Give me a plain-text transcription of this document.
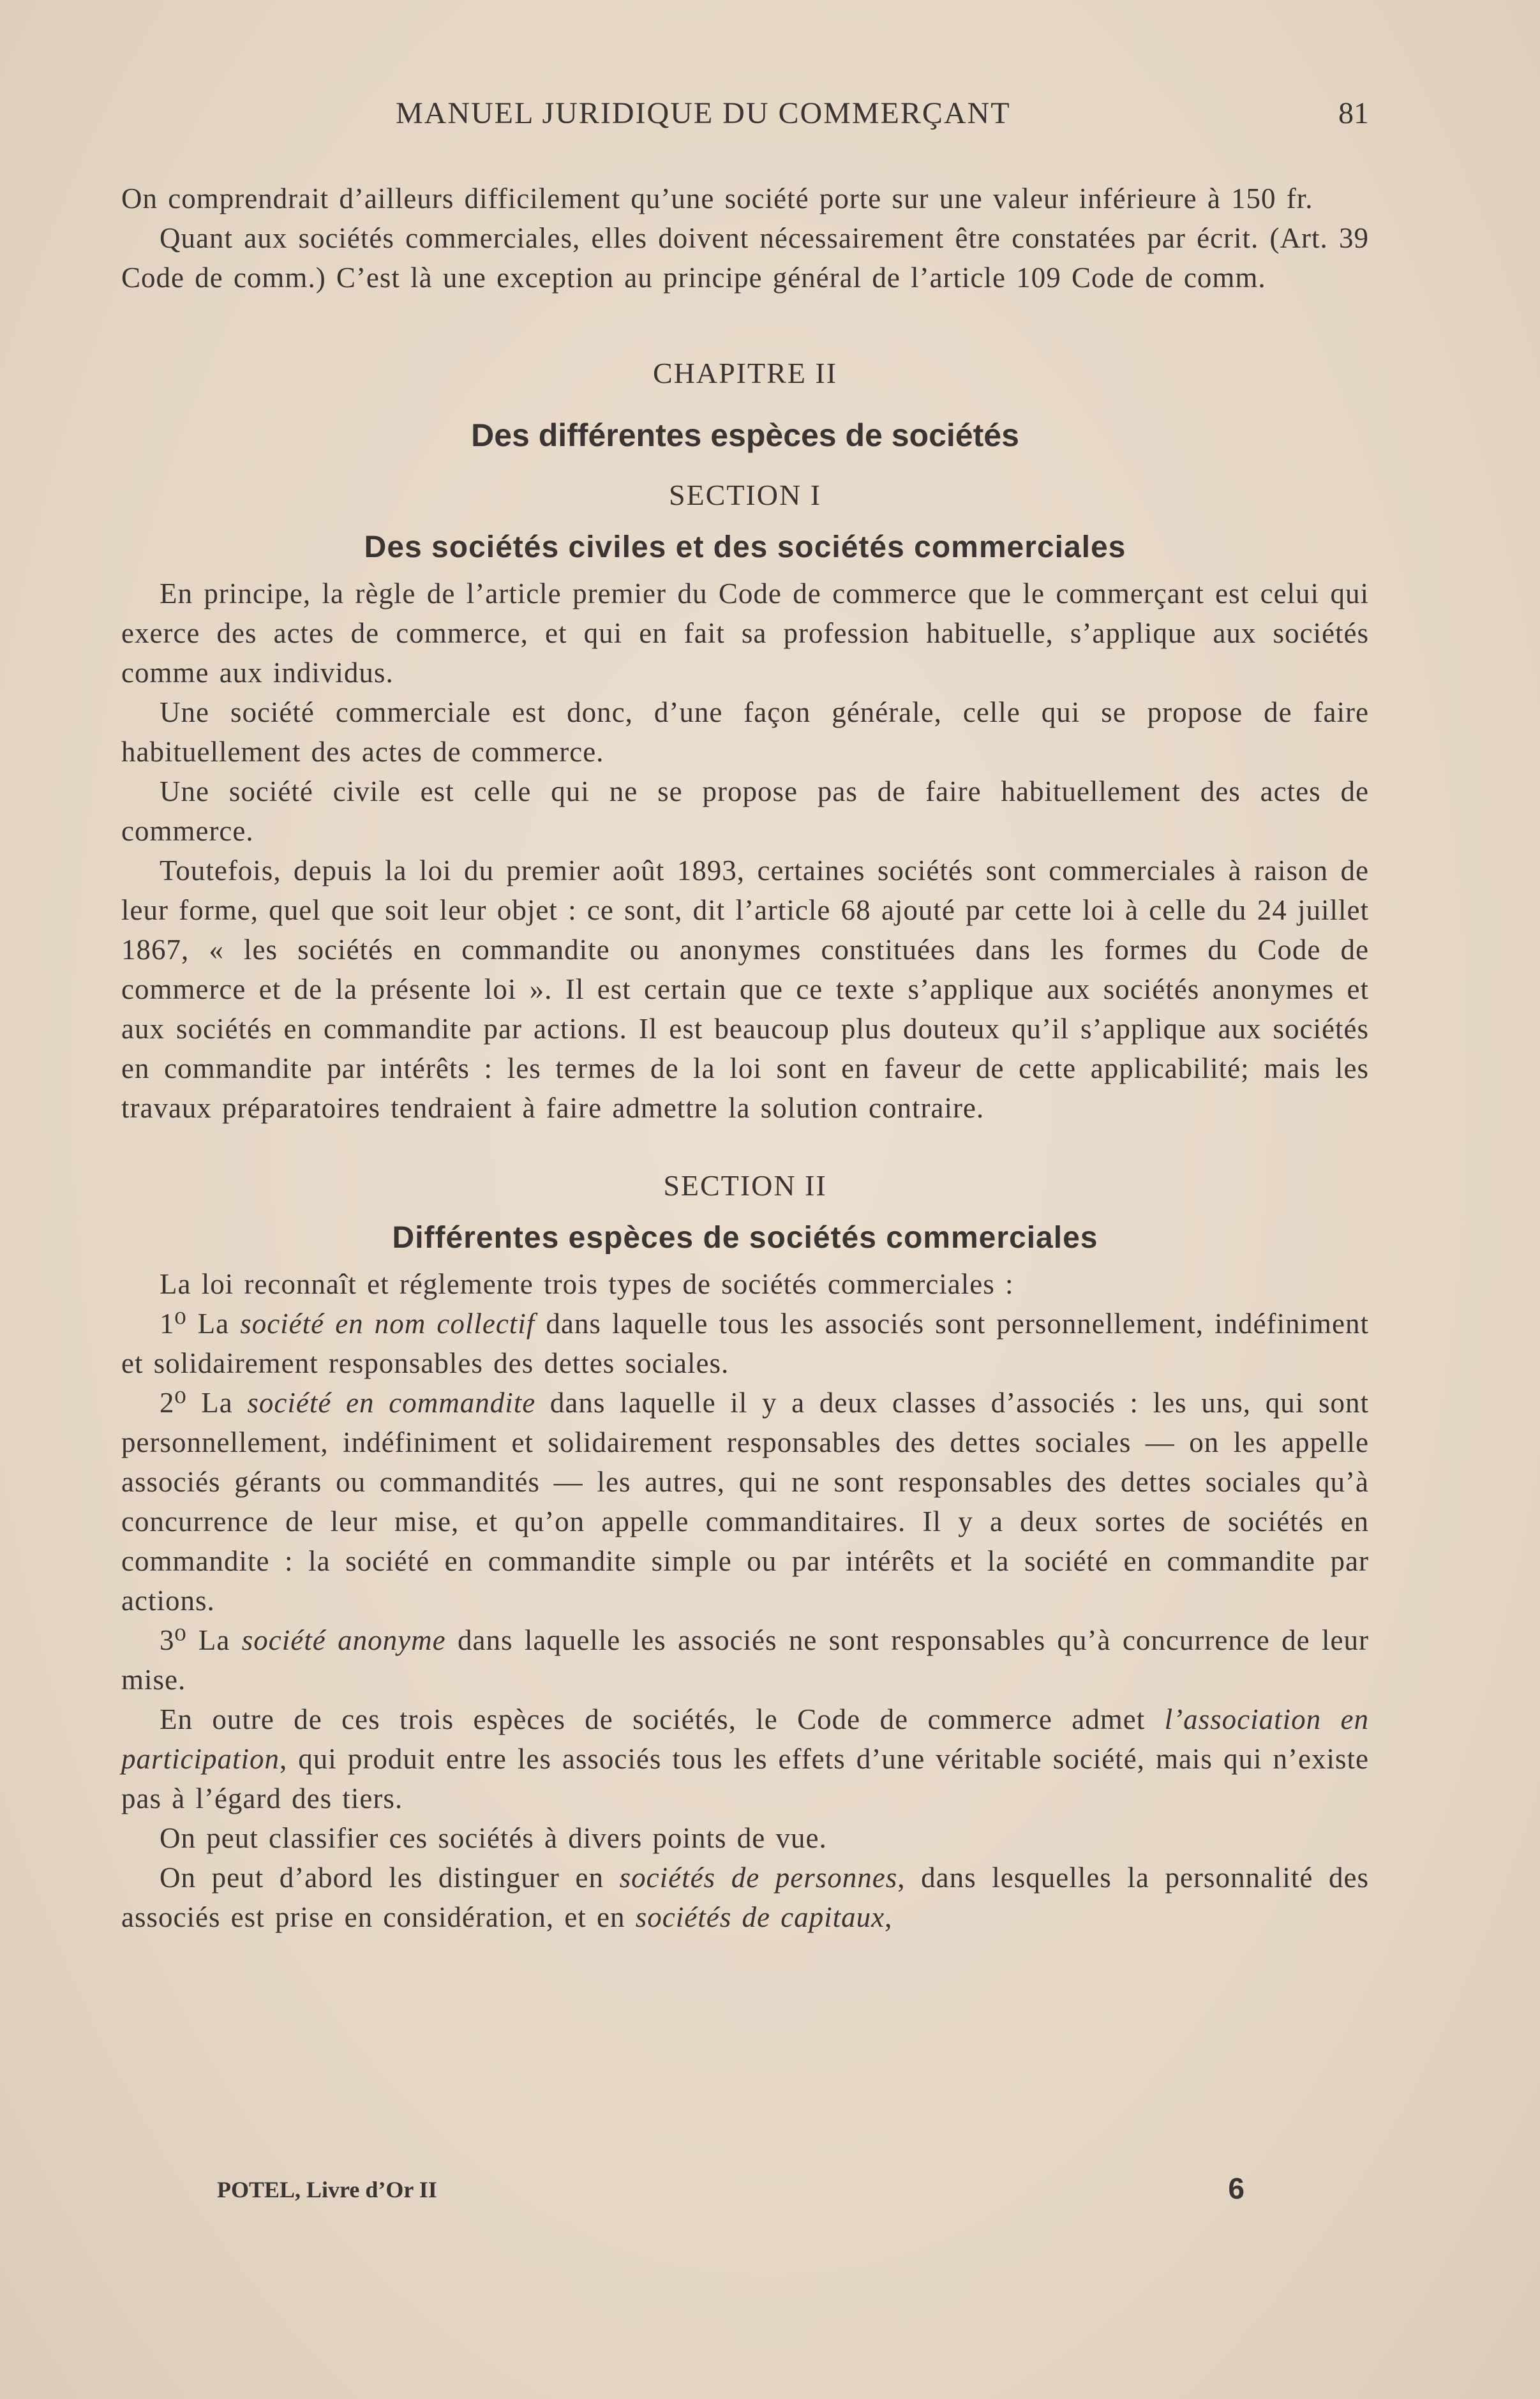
MANUEL JURIDIQUE DU COMMERÇANT	81

On comprendrait d’ailleurs difficilement qu’une société porte sur une valeur inférieure à 150 fr.

Quant aux sociétés commerciales, elles doivent nécessairement être constatées par écrit. (Art. 39 Code de comm.) C’est là une exception au principe général de l’article 109 Code de comm.

CHAPITRE II
Des différentes espèces de sociétés
SECTION I
Des sociétés civiles et des sociétés commerciales

En principe, la règle de l’article premier du Code de commerce que le commerçant est celui qui exerce des actes de commerce, et qui en fait sa profession habituelle, s’applique aux sociétés comme aux individus.

Une société commerciale est donc, d’une façon générale, celle qui se propose de faire habituellement des actes de commerce.

Une société civile est celle qui ne se propose pas de faire habituellement des actes de commerce.

Toutefois, depuis la loi du premier août 1893, certaines sociétés sont commerciales à raison de leur forme, quel que soit leur objet : ce sont, dit l’article 68 ajouté par cette loi à celle du 24 juillet 1867, « les sociétés en commandite ou anonymes constituées dans les formes du Code de commerce et de la présente loi ». Il est certain que ce texte s’applique aux sociétés anonymes et aux sociétés en commandite par actions. Il est beaucoup plus douteux qu’il s’applique aux sociétés en commandite par intérêts : les termes de la loi sont en faveur de cette applicabilité; mais les travaux préparatoires tendraient à faire admettre la solution contraire.

SECTION II
Différentes espèces de sociétés commerciales

La loi reconnaît et réglemente trois types de sociétés commerciales :

1⁰ La société en nom collectif dans laquelle tous les associés sont personnellement, indéfiniment et solidairement responsables des dettes sociales.

2⁰ La société en commandite dans laquelle il y a deux classes d’associés : les uns, qui sont personnellement, indéfiniment et solidairement responsables des dettes sociales — on les appelle associés gérants ou commandités — les autres, qui ne sont responsables des dettes sociales qu’à concurrence de leur mise, et qu’on appelle commanditaires. Il y a deux sortes de sociétés en commandite : la société en commandite simple ou par intérêts et la société en commandite par actions.

3⁰ La société anonyme dans laquelle les associés ne sont responsables qu’à concurrence de leur mise.

En outre de ces trois espèces de sociétés, le Code de commerce admet l’association en participation, qui produit entre les associés tous les effets d’une véritable société, mais qui n’existe pas à l’égard des tiers.

On peut classifier ces sociétés à divers points de vue.

On peut d’abord les distinguer en sociétés de personnes, dans lesquelles la personnalité des associés est prise en considération, et en sociétés de capitaux,

POTEL, Livre d’Or II	6
